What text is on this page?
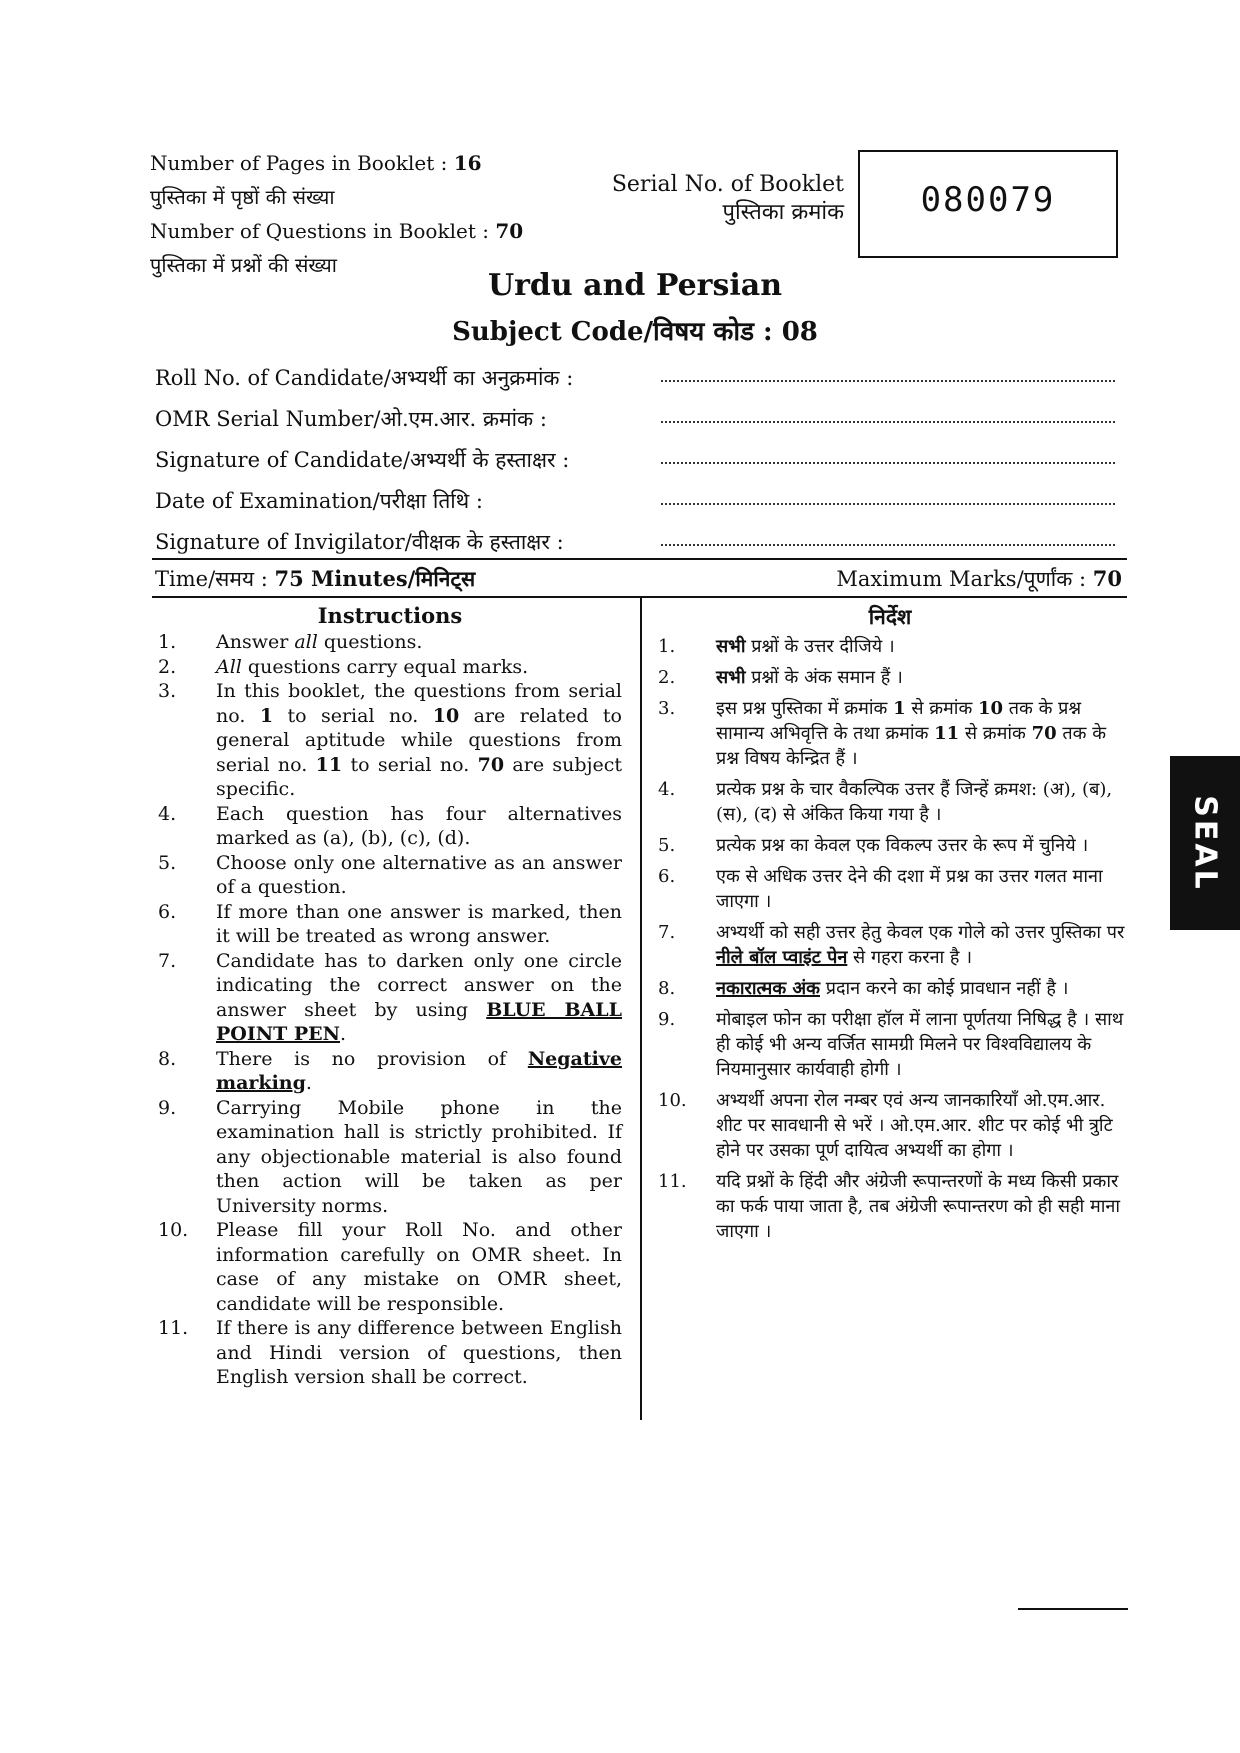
Number of Pages in Booklet : 16
पुस्तिका में पृष्ठों की संख्या
Number of Questions in Booklet : 70
पुस्तिका में प्रश्नों की संख्या
Serial No. of Booklet
पुस्तिका क्रमांक	080079
Urdu and Persian
Subject Code/विषय कोड : 08
Roll No. of Candidate/अभ्यर्थी का अनुक्रमांक :
OMR Serial Number/ओ.एम.आर. क्रमांक :
Signature of Candidate/अभ्यर्थी के हस्ताक्षर :
Date of Examination/परीक्षा तिथि :
Signature of Invigilator/वीक्षक के हस्ताक्षर :
Time/समय : 75 Minutes/मिनिट्स	Maximum Marks/पूर्णांक : 70
Instructions
1. Answer all questions.
2. All questions carry equal marks.
3. In this booklet, the questions from serial no. 1 to serial no. 10 are related to general aptitude while questions from serial no. 11 to serial no. 70 are subject specific.
4. Each question has four alternatives marked as (a), (b), (c), (d).
5. Choose only one alternative as an answer of a question.
6. If more than one answer is marked, then it will be treated as wrong answer.
7. Candidate has to darken only one circle indicating the correct answer on the answer sheet by using BLUE BALL POINT PEN.
8. There is no provision of Negative marking.
9. Carrying Mobile phone in the examination hall is strictly prohibited. If any objectionable material is also found then action will be taken as per University norms.
10. Please fill your Roll No. and other information carefully on OMR sheet. In case of any mistake on OMR sheet, candidate will be responsible.
11. If there is any difference between English and Hindi version of questions, then English version shall be correct.
निर्देश
1. सभी प्रश्नों के उत्तर दीजिये ।
2. सभी प्रश्नों के अंक समान हैं ।
3. इस प्रश्न पुस्तिका में क्रमांक 1 से क्रमांक 10 तक के प्रश्न सामान्य अभिवृत्ति के तथा क्रमांक 11 से क्रमांक 70 तक के प्रश्न विषय केन्द्रित हैं ।
4. प्रत्येक प्रश्न के चार वैकल्पिक उत्तर हैं जिन्हें क्रमश: (अ), (ब), (स), (द) से अंकित किया गया है ।
5. प्रत्येक प्रश्न का केवल एक विकल्प उत्तर के रूप में चुनिये ।
6. एक से अधिक उत्तर देने की दशा में प्रश्न का उत्तर गलत माना जाएगा ।
7. अभ्यर्थी को सही उत्तर हेतु केवल एक गोले को उत्तर पुस्तिका पर नीले बॉल प्वाइंट पेन से गहरा करना है ।
8. नकारात्मक अंक प्रदान करने का कोई प्रावधान नहीं है ।
9. मोबाइल फोन का परीक्षा हॉल में लाना पूर्णतया निषिद्ध है । साथ ही कोई भी अन्य वर्जित सामग्री मिलने पर विश्वविद्यालय के नियमानुसार कार्यवाही होगी ।
10. अभ्यर्थी अपना रोल नम्बर एवं अन्य जानकारियाँ ओ.एम.आर. शीट पर सावधानी से भरें । ओ.एम.आर. शीट पर कोई भी त्रुटि होने पर उसका पूर्ण दायित्व अभ्यर्थी का होगा ।
11. यदि प्रश्नों के हिंदी और अंग्रेजी रूपान्तरणों के मध्य किसी प्रकार का फर्क पाया जाता है, तब अंग्रेजी रूपान्तरण को ही सही माना जाएगा ।
SEAL
